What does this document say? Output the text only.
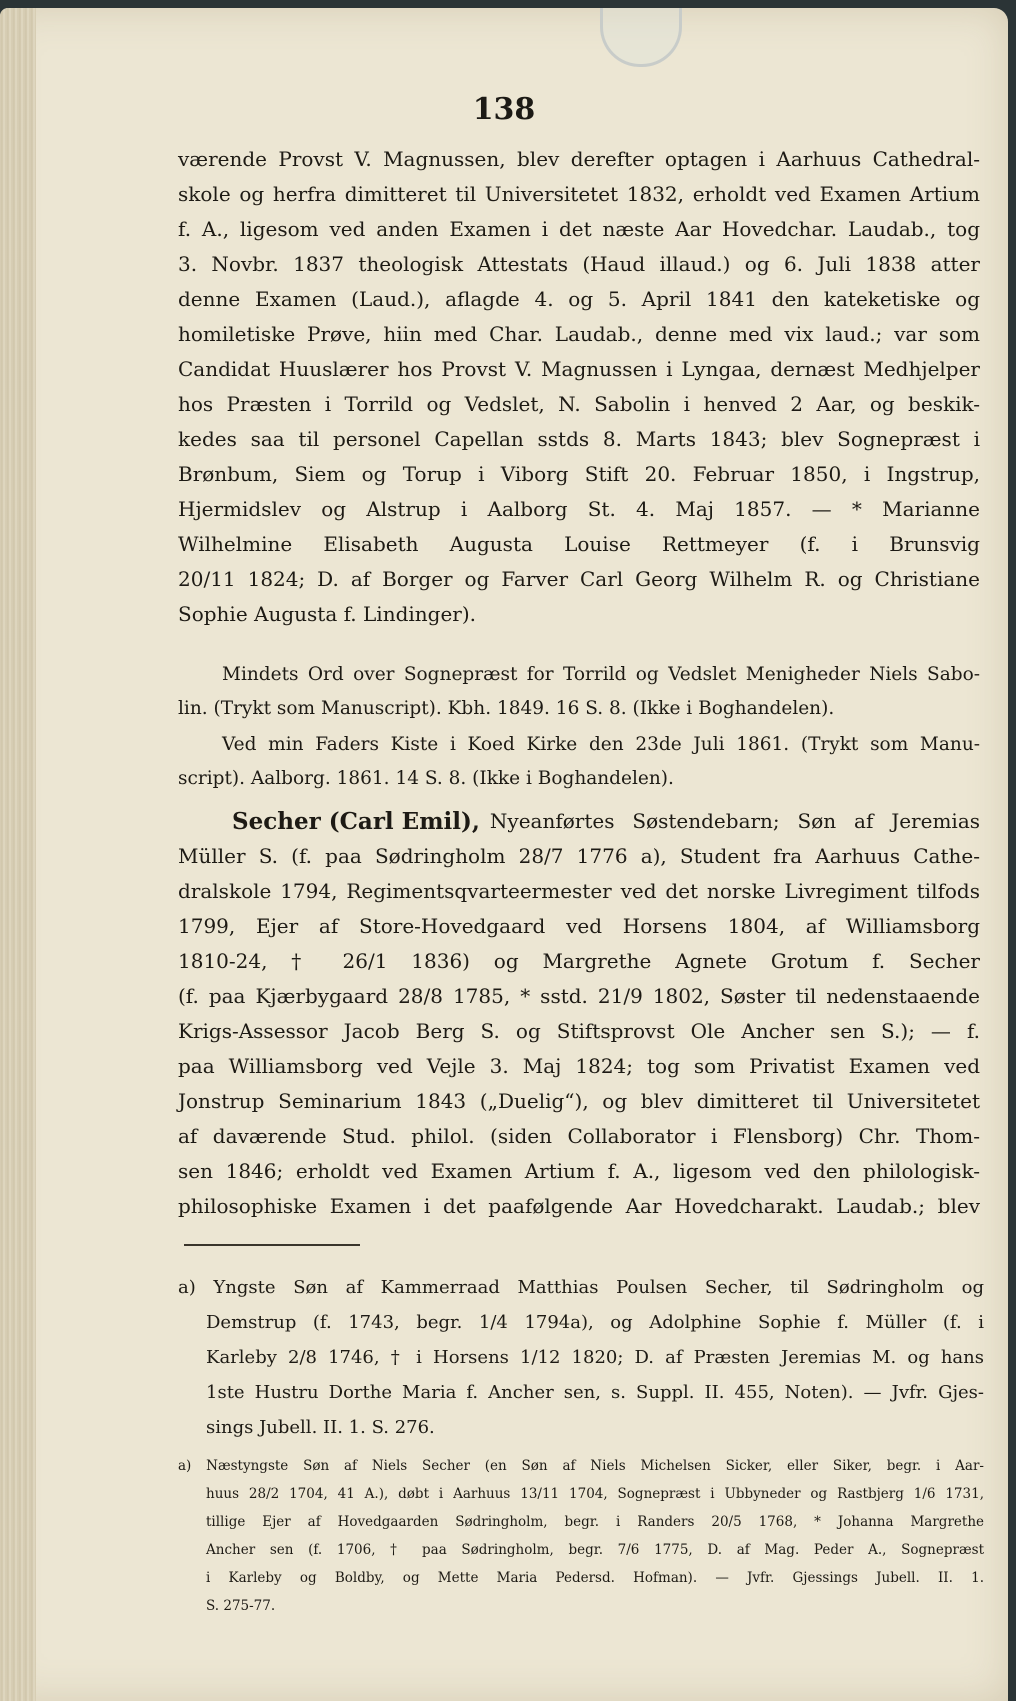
138
værende Provst V. Magnussen, blev derefter optagen i Aarhuus Cathedral-
skole og herfra dimitteret til Universitetet 1832, erholdt ved Examen Artium
f. A., ligesom ved anden Examen i det næste Aar Hovedchar. Laudab., tog
3. Novbr. 1837 theologisk Attestats (Haud illaud.) og 6. Juli 1838 atter
denne Examen (Laud.), aflagde 4. og 5. April 1841 den kateketiske og
homiletiske Prøve, hiin med Char. Laudab., denne med vix laud.; var som
Candidat Huuslærer hos Provst V. Magnussen i Lyngaa, dernæst Medhjelper
hos Præsten i Torrild og Vedslet, N. Sabolin i henved 2 Aar, og beskik-
kedes saa til personel Capellan sstds 8. Marts 1843; blev Sognepræst i
Brønbum, Siem og Torup i Viborg Stift 20. Februar 1850, i Ingstrup,
Hjermidslev og Alstrup i Aalborg St. 4. Maj 1857. — * Marianne
Wilhelmine Elisabeth Augusta Louise Rettmeyer (f. i Brunsvig
20/11 1824; D. af Borger og Farver Carl Georg Wilhelm R. og Christiane
Sophie Augusta f. Lindinger).
Mindets Ord over Sognepræst for Torrild og Vedslet Menigheder Niels Sabo-
lin. (Trykt som Manuscript). Kbh. 1849. 16 S. 8. (Ikke i Boghandelen).
Ved min Faders Kiste i Koed Kirke den 23de Juli 1861. (Trykt som Manu-
script). Aalborg. 1861. 14 S. 8. (Ikke i Boghandelen).
Secher (Carl Emil), Nyeanførtes Søstendebarn; Søn af Jeremias
Müller S. (f. paa Sødringholm 28/7 1776 a), Student fra Aarhuus Cathe-
dralskole 1794, Regimentsqvarteermester ved det norske Livregiment tilfods
1799, Ejer af Store-Hovedgaard ved Horsens 1804, af Williamsborg
1810-24, † 26/1 1836) og Margrethe Agnete Grotum f. Secher
(f. paa Kjærbygaard 28/8 1785, * sstd. 21/9 1802, Søster til nedenstaaende
Krigs-Assessor Jacob Berg S. og Stiftsprovst Ole Ancher sen S.); — f.
paa Williamsborg ved Vejle 3. Maj 1824; tog som Privatist Examen ved
Jonstrup Seminarium 1843 („Duelig“), og blev dimitteret til Universitetet
af daværende Stud. philol. (siden Collaborator i Flensborg) Chr. Thom-
sen 1846; erholdt ved Examen Artium f. A., ligesom ved den philologisk-
philosophiske Examen i det paafølgende Aar Hovedcharakt. Laudab.; blev
a) Yngste Søn af Kammerraad Matthias Poulsen Secher, til Sødringholm og
Demstrup (f. 1743, begr. 1/4 1794a), og Adolphine Sophie f. Müller (f. i
Karleby 2/8 1746, † i Horsens 1/12 1820; D. af Præsten Jeremias M. og hans
1ste Hustru Dorthe Maria f. Ancher sen, s. Suppl. II. 455, Noten). — Jvfr. Gjes-
sings Jubell. II. 1. S. 276.
a) Næstyngste Søn af Niels Secher (en Søn af Niels Michelsen Sicker, eller Siker, begr. i Aar-
huus 28/2 1704, 41 A.), døbt i Aarhuus 13/11 1704, Sognepræst i Ubbyneder og Rastbjerg 1/6 1731,
tillige Ejer af Hovedgaarden Sødringholm, begr. i Randers 20/5 1768, * Johanna Margrethe
Ancher sen (f. 1706, † paa Sødringholm, begr. 7/6 1775, D. af Mag. Peder A., Sognepræst
i Karleby og Boldby, og Mette Maria Pedersd. Hofman). — Jvfr. Gjessings Jubell. II. 1.
S. 275-77.
